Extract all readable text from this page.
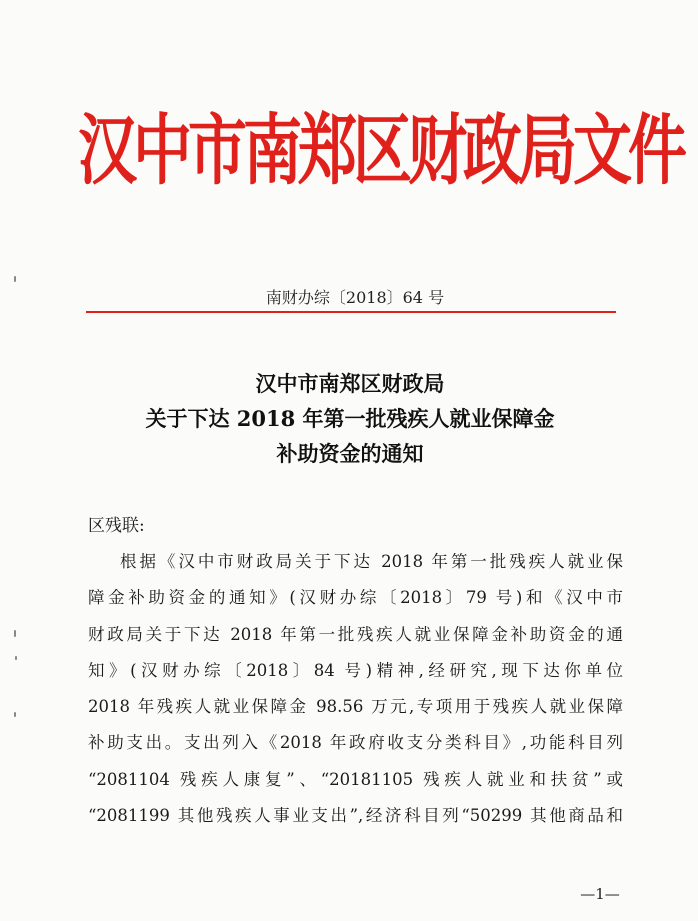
汉中市南郑区财政局文件
南财办综〔2018〕64 号
汉中市南郑区财政局
关于下达 2018 年第一批残疾人就业保障金
补助资金的通知
区残联:
根据《汉中市财政局关于下达 2018 年第一批残疾人就业保
障金补助资金的通知》(汉财办综〔2018〕79 号)和《汉中市
财政局关于下达 2018 年第一批残疾人就业保障金补助资金的通
知》(汉财办综〔2018〕84 号)精神,经研究,现下达你单位
2018 年残疾人就业保障金 98.56 万元,专项用于残疾人就业保障
补助支出。支出列入《2018 年政府收支分类科目》,功能科目列
“2081104 残疾人康复”、“20181105 残疾人就业和扶贫”或
“2081199 其他残疾人事业支出”,经济科目列“50299 其他商品和
—1—
